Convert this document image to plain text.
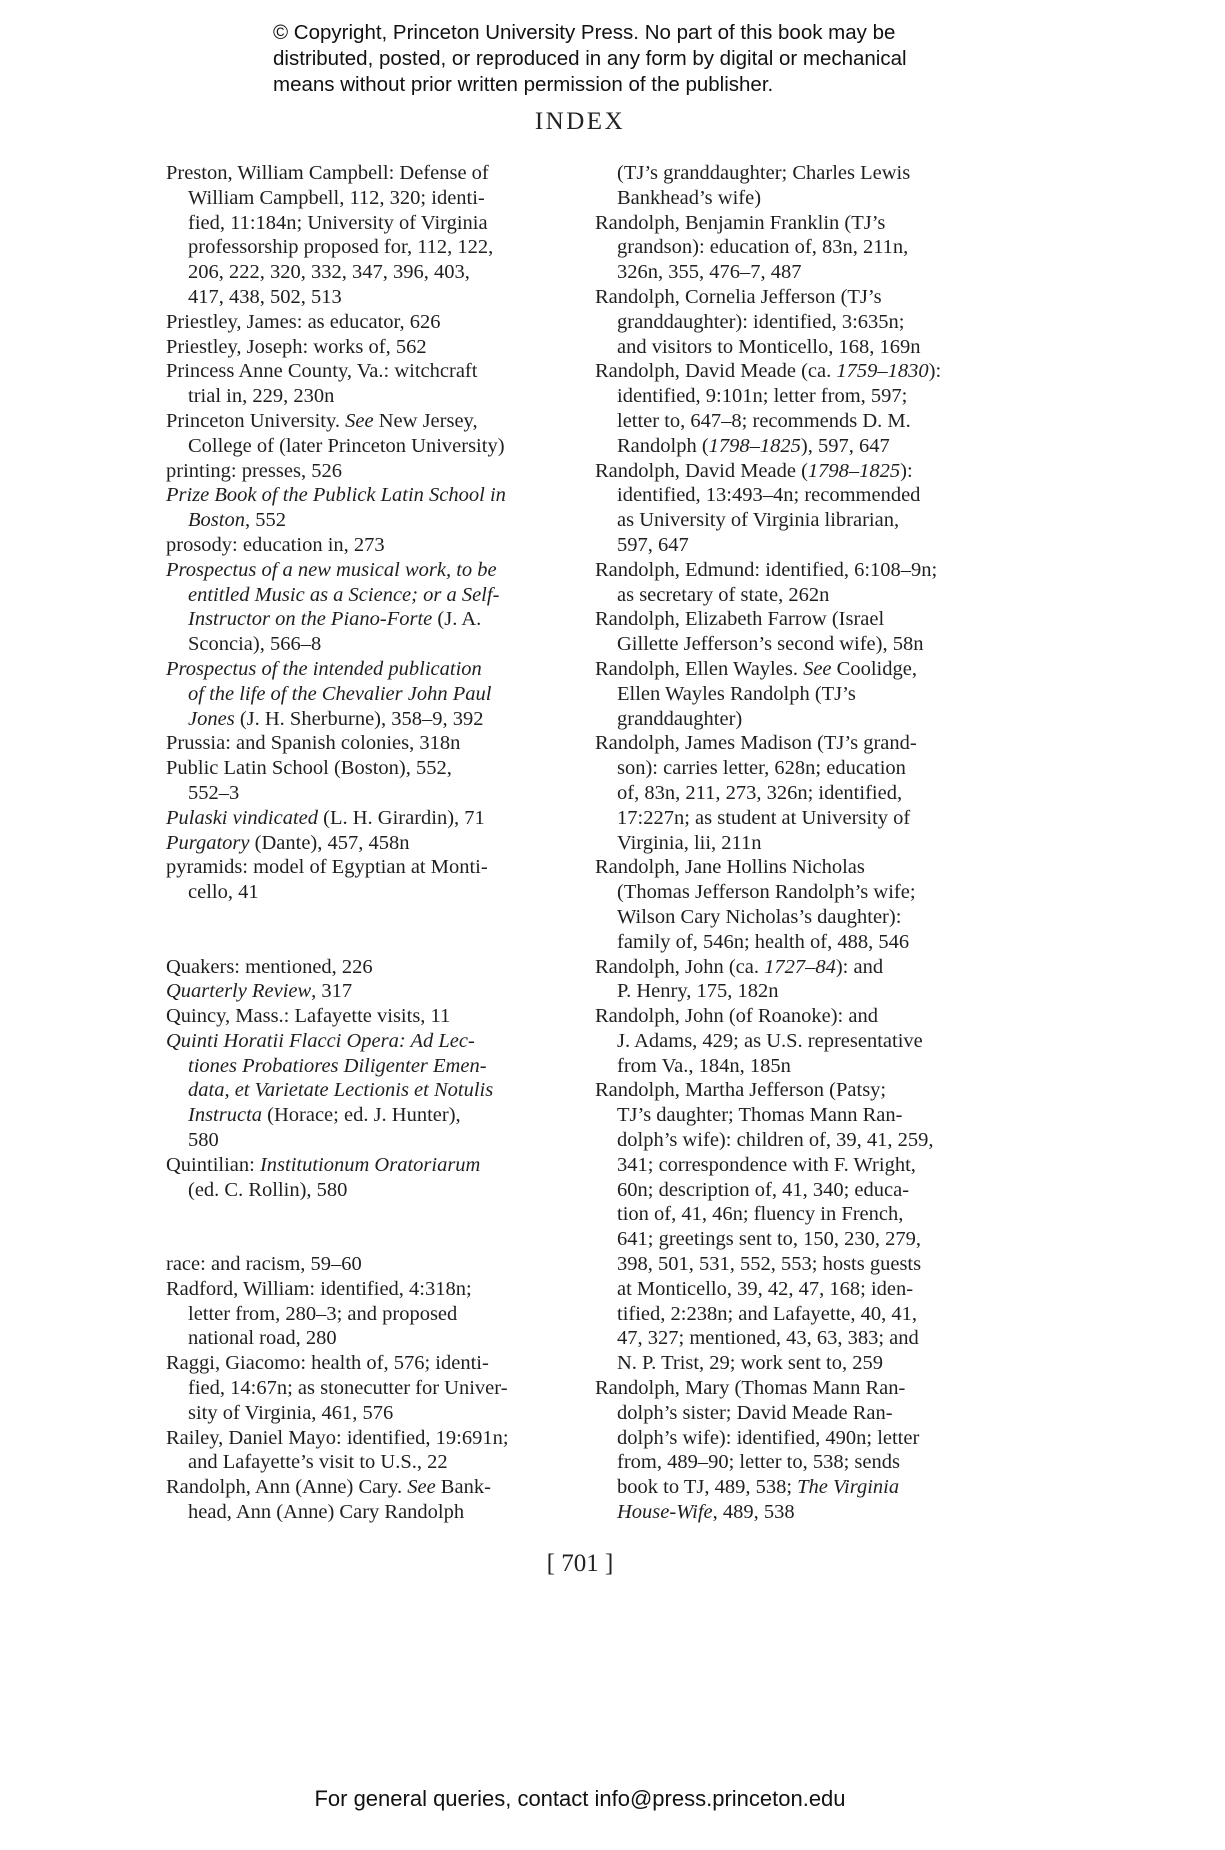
© Copyright, Princeton University Press. No part of this book may be
distributed, posted, or reproduced in any form by digital or mechanical
means without prior written permission of the publisher.
INDEX

Preston, William Campbell: Defense of
William Campbell, 112, 320; identi-
fied, 11:184n; University of Virginia
professorship proposed for, 112, 122,
206, 222, 320, 332, 347, 396, 403,
417, 438, 502, 513

Priestley, James: as educator, 626

Priestley, Joseph: works of, 562

Princess Anne County, Va.: witchcraft
trial in, 229, 230n

Princeton University. See New Jersey,
College of (later Princeton University)

printing: presses, 526

Prize Book of the Publick Latin School in
Boston, 552

prosody: education in, 273

Prospectus of a new musical work, to be
entitled Music as a Science; or a Self-
Instructor on the Piano-Forte (J. A.
Sconcia), 566–8

Prospectus of the intended publication
of the life of the Chevalier John Paul
Jones (J. H. Sherburne), 358–9, 392

Prussia: and Spanish colonies, 318n

Public Latin School (Boston), 552,
552–3

Pulaski vindicated (L. H. Girardin), 71

Purgatory (Dante), 457, 458n

pyramids: model of Egyptian at Monti-
cello, 41

Quakers: mentioned, 226

Quarterly Review, 317

Quincy, Mass.: Lafayette visits, 11

Quinti Horatii Flacci Opera: Ad Lec-
tiones Probatiores Diligenter Emen-
data, et Varietate Lectionis et Notulis
Instructa (Horace; ed. J. Hunter),
580

Quintilian: Institutionum Oratoriarum
(ed. C. Rollin), 580

race: and racism, 59–60

Radford, William: identified, 4:318n;
letter from, 280–3; and proposed
national road, 280

Raggi, Giacomo: health of, 576; identi-
fied, 14:67n; as stonecutter for Univer-
sity of Virginia, 461, 576

Railey, Daniel Mayo: identified, 19:691n;
and Lafayette’s visit to U.S., 22

Randolph, Ann (Anne) Cary. See Bank-
head, Ann (Anne) Cary Randolph

(TJ’s granddaughter; Charles Lewis
Bankhead’s wife)

Randolph, Benjamin Franklin (TJ’s
grandson): education of, 83n, 211n,
326n, 355, 476–7, 487

Randolph, Cornelia Jefferson (TJ’s
granddaughter): identified, 3:635n;
and visitors to Monticello, 168, 169n

Randolph, David Meade (ca. 1759–1830):
identified, 9:101n; letter from, 597;
letter to, 647–8; recommends D. M.
Randolph (1798–1825), 597, 647

Randolph, David Meade (1798–1825):
identified, 13:493–4n; recommended
as University of Virginia librarian,
597, 647

Randolph, Edmund: identified, 6:108–9n;
as secretary of state, 262n

Randolph, Elizabeth Farrow (Israel
Gillette Jefferson’s second wife), 58n

Randolph, Ellen Wayles. See Coolidge,
Ellen Wayles Randolph (TJ’s
granddaughter)

Randolph, James Madison (TJ’s grand-
son): carries letter, 628n; education
of, 83n, 211, 273, 326n; identified,
17:227n; as student at University of
Virginia, lii, 211n

Randolph, Jane Hollins Nicholas
(Thomas Jefferson Randolph’s wife;
Wilson Cary Nicholas’s daughter):
family of, 546n; health of, 488, 546

Randolph, John (ca. 1727–84): and
P. Henry, 175, 182n

Randolph, John (of Roanoke): and
J. Adams, 429; as U.S. representative
from Va., 184n, 185n

Randolph, Martha Jefferson (Patsy;
TJ’s daughter; Thomas Mann Ran-
dolph’s wife): children of, 39, 41, 259,
341; correspondence with F. Wright,
60n; description of, 41, 340; educa-
tion of, 41, 46n; fluency in French,
641; greetings sent to, 150, 230, 279,
398, 501, 531, 552, 553; hosts guests
at Monticello, 39, 42, 47, 168; iden-
tified, 2:238n; and Lafayette, 40, 41,
47, 327; mentioned, 43, 63, 383; and
N. P. Trist, 29; work sent to, 259

Randolph, Mary (Thomas Mann Ran-
dolph’s sister; David Meade Ran-
dolph’s wife): identified, 490n; letter
from, 489–90; letter to, 538; sends
book to TJ, 489, 538; The Virginia
House-Wife, 489, 538

[ 701 ]
For general queries, contact info@press.princeton.edu
